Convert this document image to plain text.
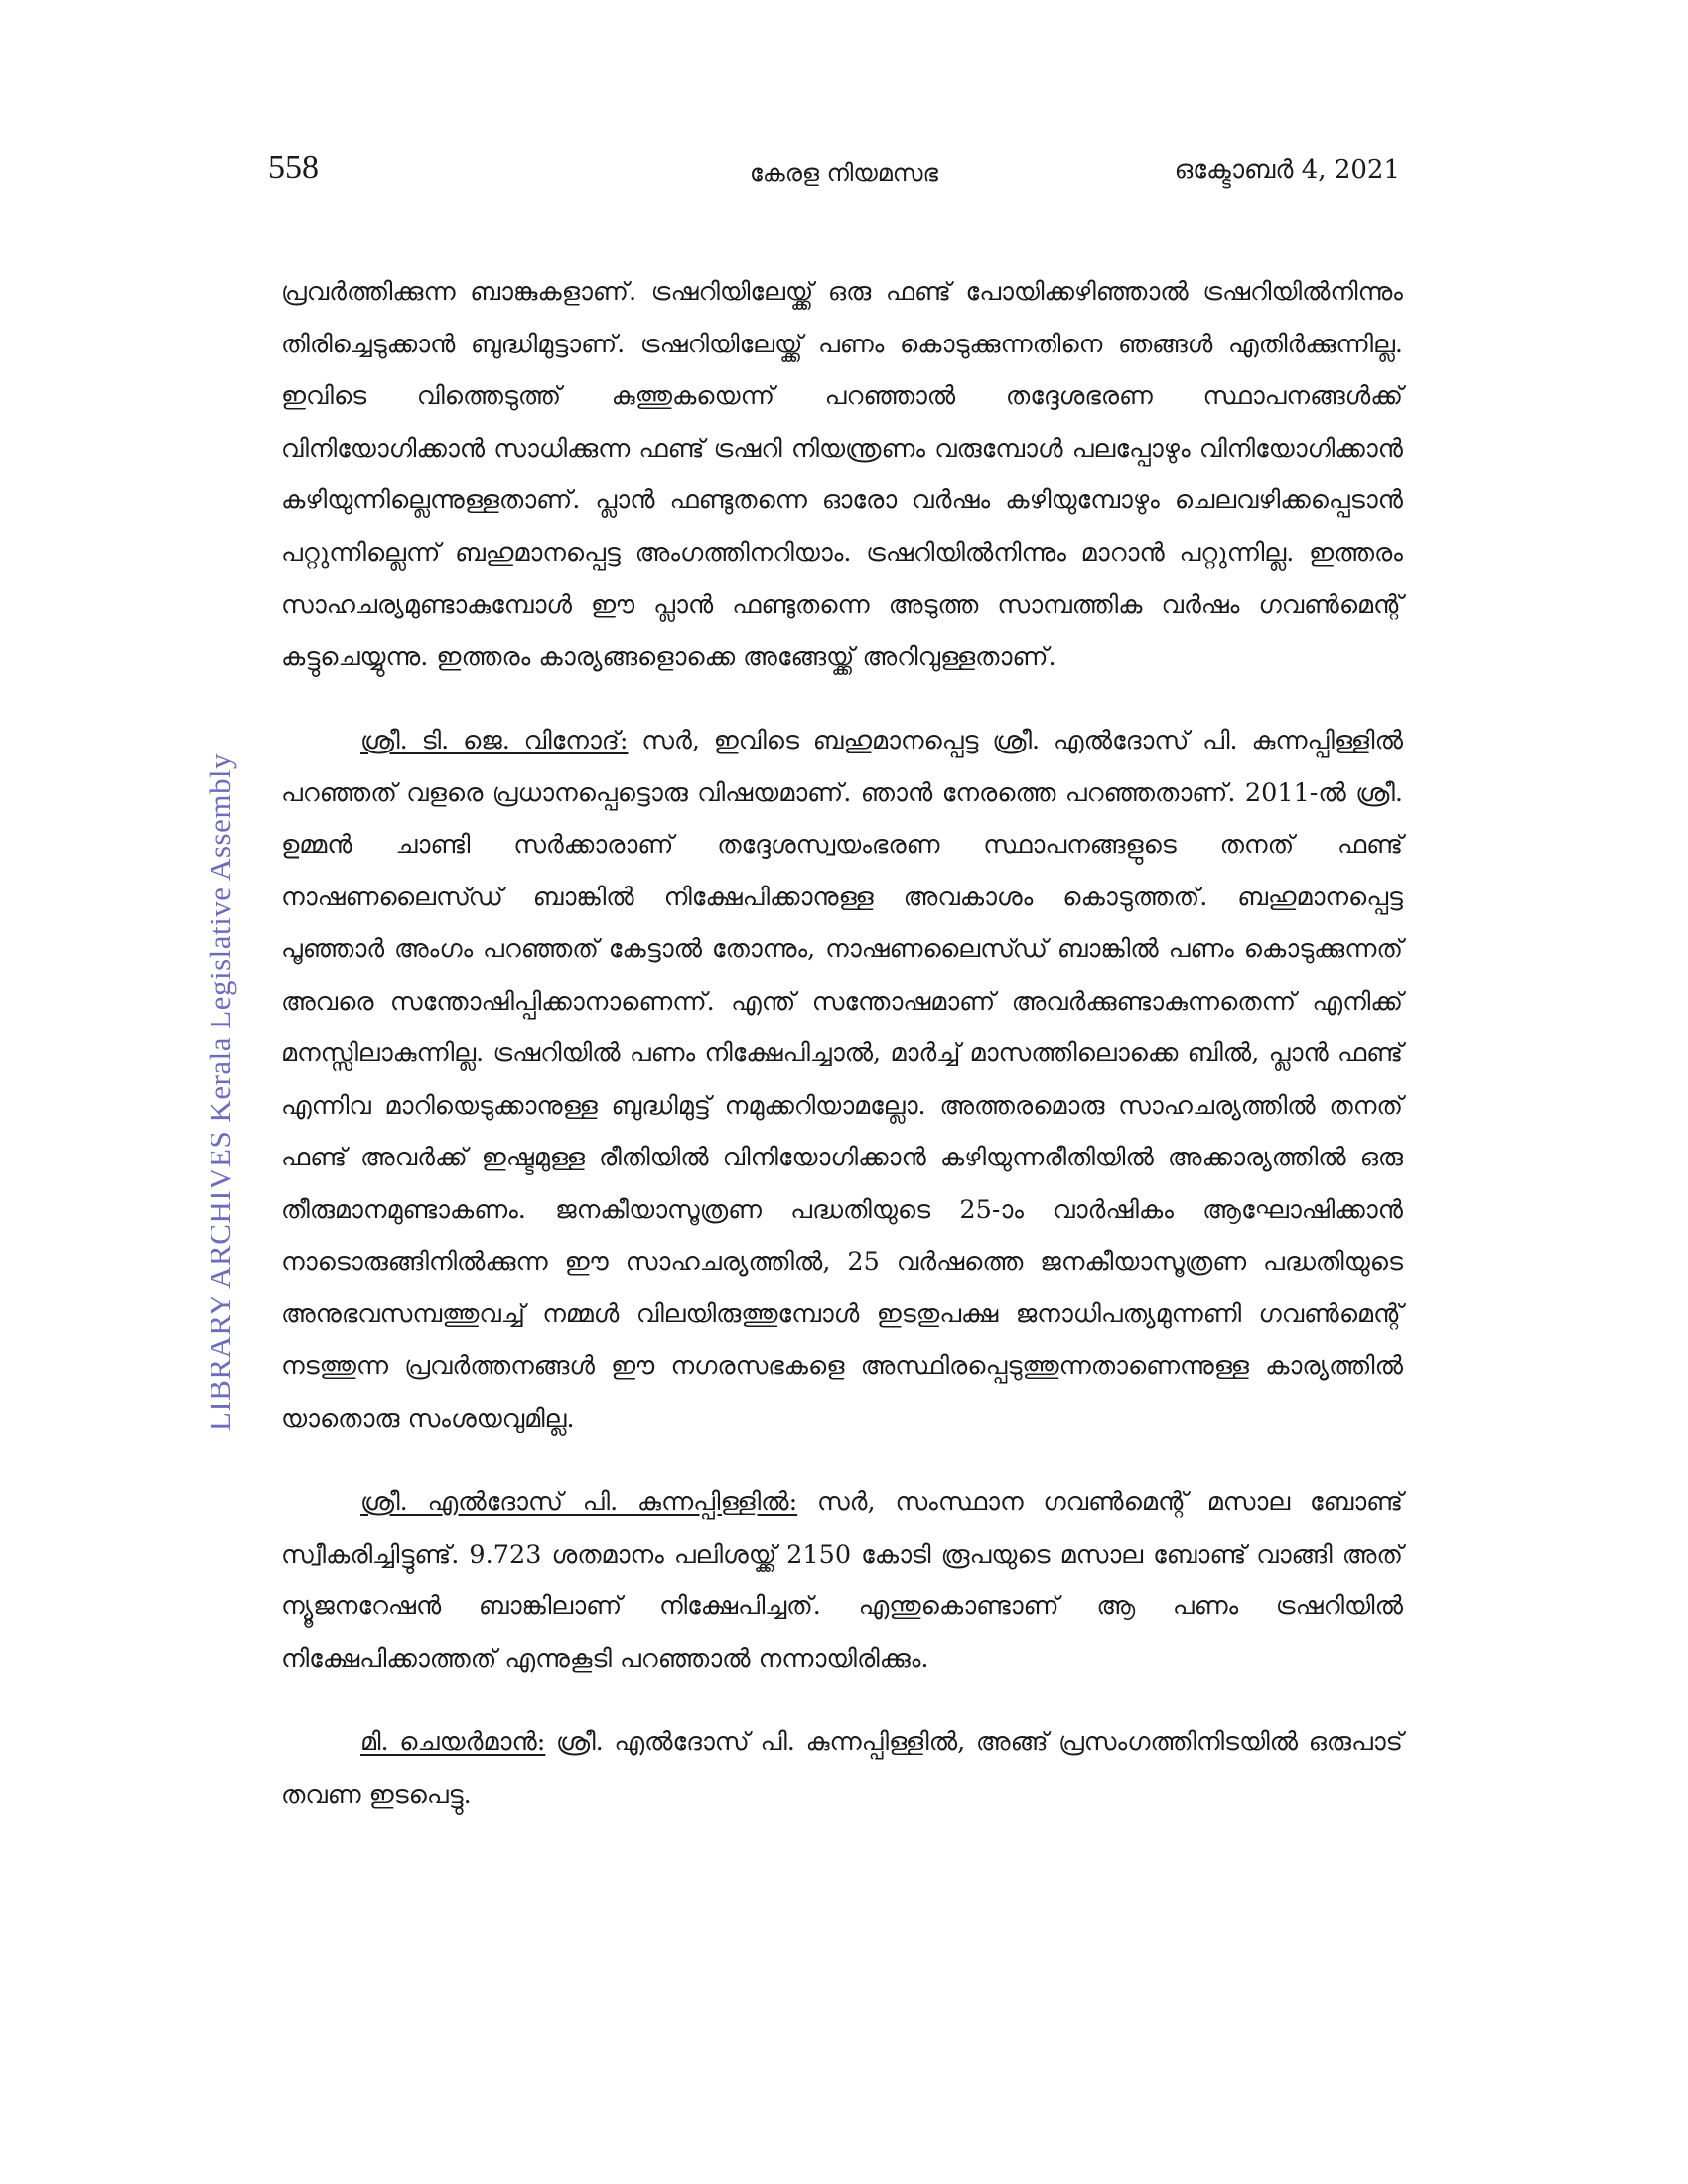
558	കേരള നിയമസഭ	ഒക്ടോബർ 4, 2021
LIBRARY ARCHIVES Kerala Legislative Assembly

പ്രവർത്തിക്കുന്ന ബാങ്കുകളാണ്. ട്രഷറിയിലേയ്ക്ക് ഒരു ഫണ്ട് പോയിക്കഴിഞ്ഞാൽ ട്രഷറിയിൽനിന്നും തിരിച്ചെടുക്കാൻ ബുദ്ധിമുട്ടാണ്. ട്രഷറിയിലേയ്ക്ക് പണം കൊടുക്കുന്നതിനെ ഞങ്ങൾ എതിർക്കുന്നില്ല. ഇവിടെ വിത്തെടുത്ത് കുത്തുകയെന്ന് പറഞ്ഞാൽ തദ്ദേശഭരണ സ്ഥാപനങ്ങൾക്ക് വിനിയോഗിക്കാൻ സാധിക്കുന്ന ഫണ്ട് ട്രഷറി നിയന്ത്രണം വരുമ്പോൾ പലപ്പോഴും വിനിയോഗിക്കാൻ കഴിയുന്നില്ലെന്നുള്ളതാണ്. പ്ലാൻ ഫണ്ടുതന്നെ ഓരോ വർഷം കഴിയുമ്പോഴും ചെലവഴിക്കപ്പെടാൻ പറ്റുന്നില്ലെന്ന് ബഹുമാനപ്പെട്ട അംഗത്തിനറിയാം. ട്രഷറിയിൽനിന്നും മാറാൻ പറ്റുന്നില്ല. ഇത്തരം സാഹചര്യമുണ്ടാകുമ്പോൾ ഈ പ്ലാൻ ഫണ്ടുതന്നെ അടുത്ത സാമ്പത്തിക വർഷം ഗവൺമെന്റ് കട്ടുചെയ്യുന്നു. ഇത്തരം കാര്യങ്ങളൊക്കെ അങ്ങേയ്ക്ക് അറിവുള്ളതാണ്.

ശ്രീ. ടി. ജെ. വിനോദ്: സർ, ഇവിടെ ബഹുമാനപ്പെട്ട ശ്രീ. എൽദോസ് പി. കുന്നപ്പിള്ളിൽ പറഞ്ഞത് വളരെ പ്രധാനപ്പെട്ടൊരു വിഷയമാണ്. ഞാൻ നേരത്തെ പറഞ്ഞതാണ്. 2011-ൽ ശ്രീ. ഉമ്മൻ ചാണ്ടി സർക്കാരാണ് തദ്ദേശസ്വയംഭരണ സ്ഥാപനങ്ങളുടെ തനത് ഫണ്ട് നാഷണലൈസ്ഡ് ബാങ്കിൽ നിക്ഷേപിക്കാനുള്ള അവകാശം കൊടുത്തത്. ബഹുമാനപ്പെട്ട പൂഞ്ഞാർ അംഗം പറഞ്ഞത് കേട്ടാൽ തോന്നും, നാഷണലൈസ്ഡ് ബാങ്കിൽ പണം കൊടുക്കുന്നത് അവരെ സന്തോഷിപ്പിക്കാനാണെന്ന്. എന്ത് സന്തോഷമാണ് അവർക്കുണ്ടാകുന്നതെന്ന് എനിക്ക് മനസ്സിലാകുന്നില്ല. ട്രഷറിയിൽ പണം നിക്ഷേപിച്ചാൽ, മാർച്ച് മാസത്തിലൊക്കെ ബിൽ, പ്ലാൻ ഫണ്ട് എന്നിവ മാറിയെടുക്കാനുള്ള ബുദ്ധിമുട്ട് നമുക്കറിയാമല്ലോ. അത്തരമൊരു സാഹചര്യത്തിൽ തനത് ഫണ്ട് അവർക്ക് ഇഷ്ടമുള്ള രീതിയിൽ വിനിയോഗിക്കാൻ കഴിയുന്നരീതിയിൽ അക്കാര്യത്തിൽ ഒരു തീരുമാനമുണ്ടാകണം. ജനകീയാസൂത്രണ പദ്ധതിയുടെ 25-ാം വാർഷികം ആഘോഷിക്കാൻ നാടൊരുങ്ങിനിൽക്കുന്ന ഈ സാഹചര്യത്തിൽ, 25 വർഷത്തെ ജനകീയാസൂത്രണ പദ്ധതിയുടെ അനുഭവസമ്പത്തുവച്ച് നമ്മൾ വിലയിരുത്തുമ്പോൾ ഇടതുപക്ഷ ജനാധിപത്യമുന്നണി ഗവൺമെന്റ് നടത്തുന്ന പ്രവർത്തനങ്ങൾ ഈ നഗരസഭകളെ അസ്ഥിരപ്പെടുത്തുന്നതാണെന്നുള്ള കാര്യത്തിൽ യാതൊരു സംശയവുമില്ല.

ശ്രീ. എൽദോസ് പി. കുന്നപ്പിള്ളിൽ: സർ, സംസ്ഥാന ഗവൺമെന്റ് മസാല ബോണ്ട് സ്വീകരിച്ചിട്ടുണ്ട്. 9.723 ശതമാനം പലിശയ്ക്ക് 2150 കോടി രൂപയുടെ മസാല ബോണ്ട് വാങ്ങി അത് ന്യൂജനറേഷൻ ബാങ്കിലാണ് നിക്ഷേപിച്ചത്. എന്തുകൊണ്ടാണ് ആ പണം ട്രഷറിയിൽ നിക്ഷേപിക്കാത്തത് എന്നുകൂടി പറഞ്ഞാൽ നന്നായിരിക്കും.

മി. ചെയർമാൻ: ശ്രീ. എൽദോസ് പി. കുന്നപ്പിള്ളിൽ, അങ്ങ് പ്രസംഗത്തിനിടയിൽ ഒരുപാട് തവണ ഇടപെട്ടു.
